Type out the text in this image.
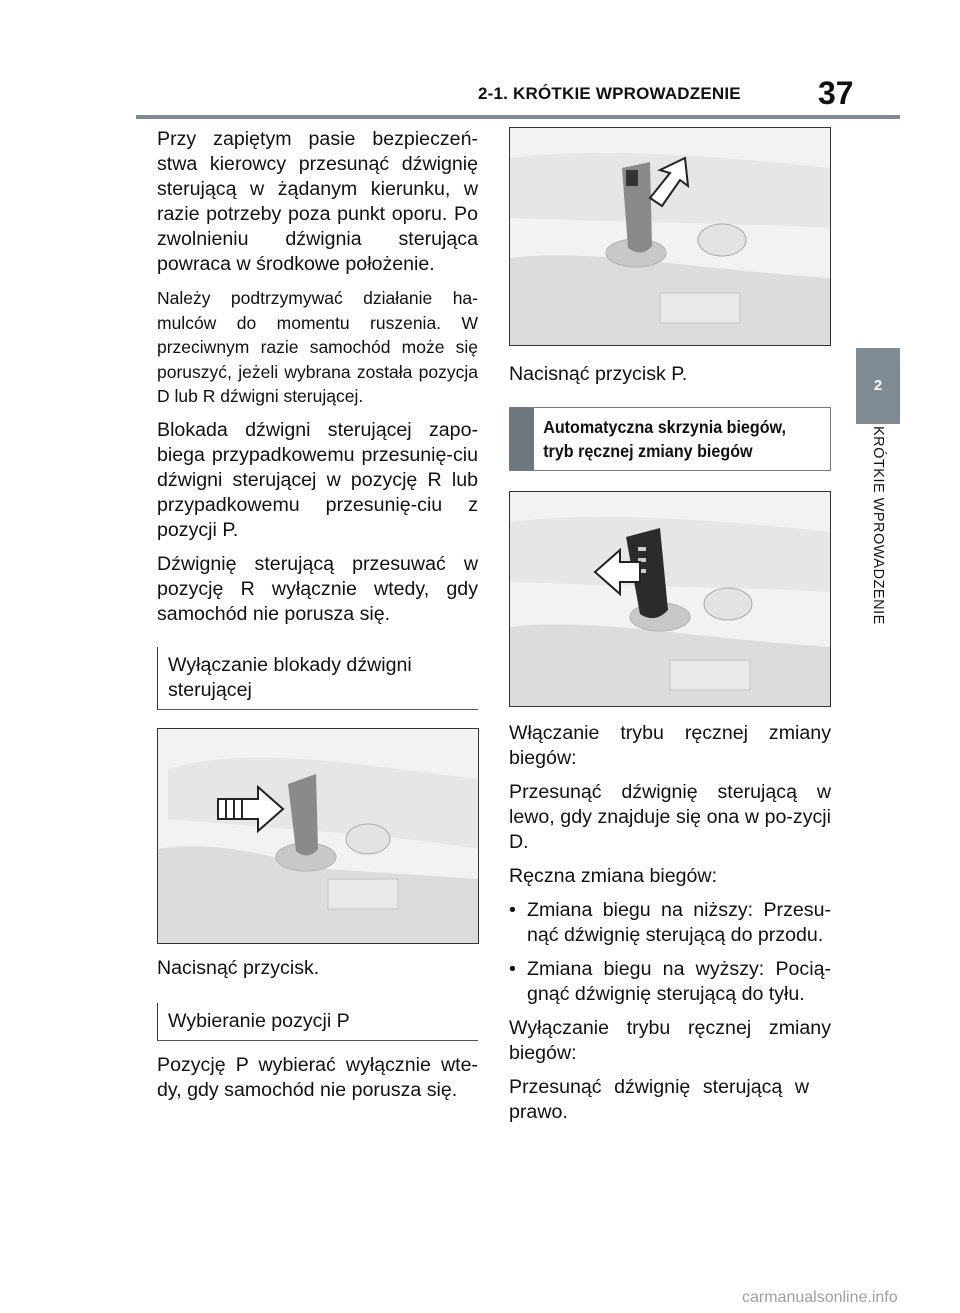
2-1. KRÓTKIE WPROWADZENIE 37
2
KRÓTKIE WPROWADZENIE

Przy zapiętym pasie bezpieczeń-stwa kierowcy przesunąć dźwignię sterującą w żądanym kierunku, w razie potrzeby poza punkt oporu. Po zwolnieniu dźwignia sterująca powraca w środkowe położenie.

Należy podtrzymywać działanie ha-mulców do momentu ruszenia. W przeciwnym razie samochód może się poruszyć, jeżeli wybrana została pozycja D lub R dźwigni sterującej.

Blokada dźwigni sterującej zapo-biega przypadkowemu przesunię-ciu dźwigni sterującej w pozycję R lub przypadkowemu przesunię-ciu z pozycji P.

Dźwignię sterującą przesuwać w pozycję R wyłącznie wtedy, gdy samochód nie porusza się.

Wyłączanie blokady dźwigni sterującej

Nacisnąć przycisk.

Wybieranie pozycji P

Pozycję P wybierać wyłącznie wte-dy, gdy samochód nie porusza się.

Nacisnąć przycisk P.

Automatyczna skrzynia biegów,
tryb ręcznej zmiany biegów

Włączanie trybu ręcznej zmiany biegów:

Przesunąć dźwignię sterującą w lewo, gdy znajduje się ona w po-zycji D.

Ręczna zmiana biegów:

• Zmiana biegu na niższy: Przesu-nąć dźwignię sterującą do przodu.
• Zmiana biegu na wyższy: Pocią-gnąć dźwignię sterującą do tyłu.

Wyłączanie trybu ręcznej zmiany biegów:

Przesunąć dźwignię sterującą w prawo.

carmanualsonline.info
